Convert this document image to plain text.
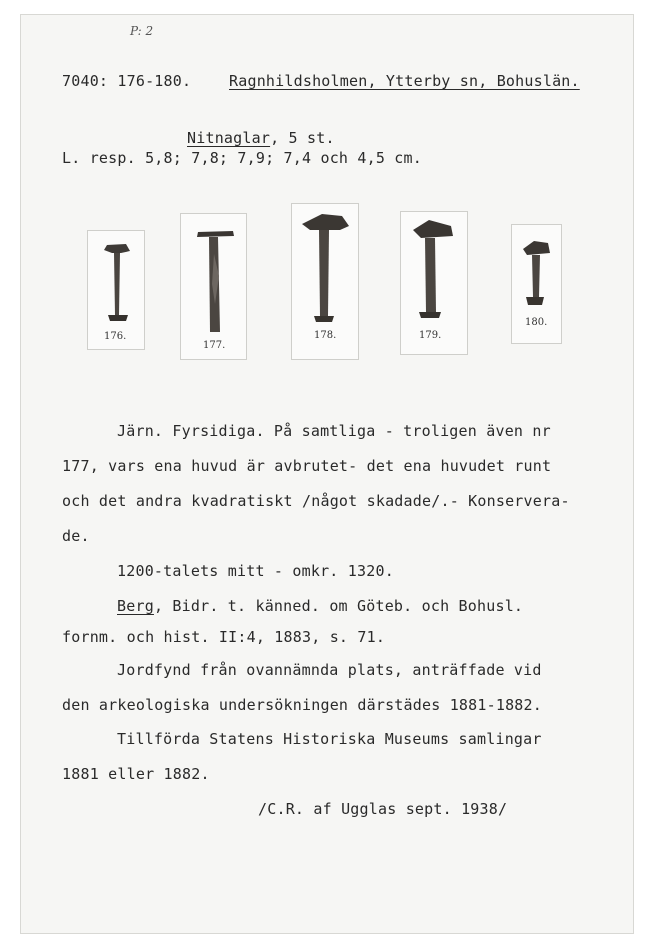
P: 2
7040: 176-180.	Ragnhildsholmen, Ytterby sn, Bohuslän.
Nitnaglar, 5 st.
L. resp. 5,8; 7,8; 7,9; 7,4 och 4,5 cm.
176.
177.
178.	179.
180.
Järn. Fyrsidiga. På samtliga - troligen även nr
177, vars ena huvud är avbrutet- det ena huvudet runt
och det andra kvadratiskt /något skadade/.- Konservera-
de.
1200-talets mitt - omkr. 1320.
Berg, Bidr. t. känned. om Göteb. och Bohusl.
fornm. och hist. II:4, 1883, s. 71.
Jordfynd från ovannämnda plats, anträffade vid
den arkeologiska undersökningen därstädes 1881-1882.
Tillförda Statens Historiska Museums samlingar
1881 eller 1882.
/C.R. af Ugglas sept. 1938/
